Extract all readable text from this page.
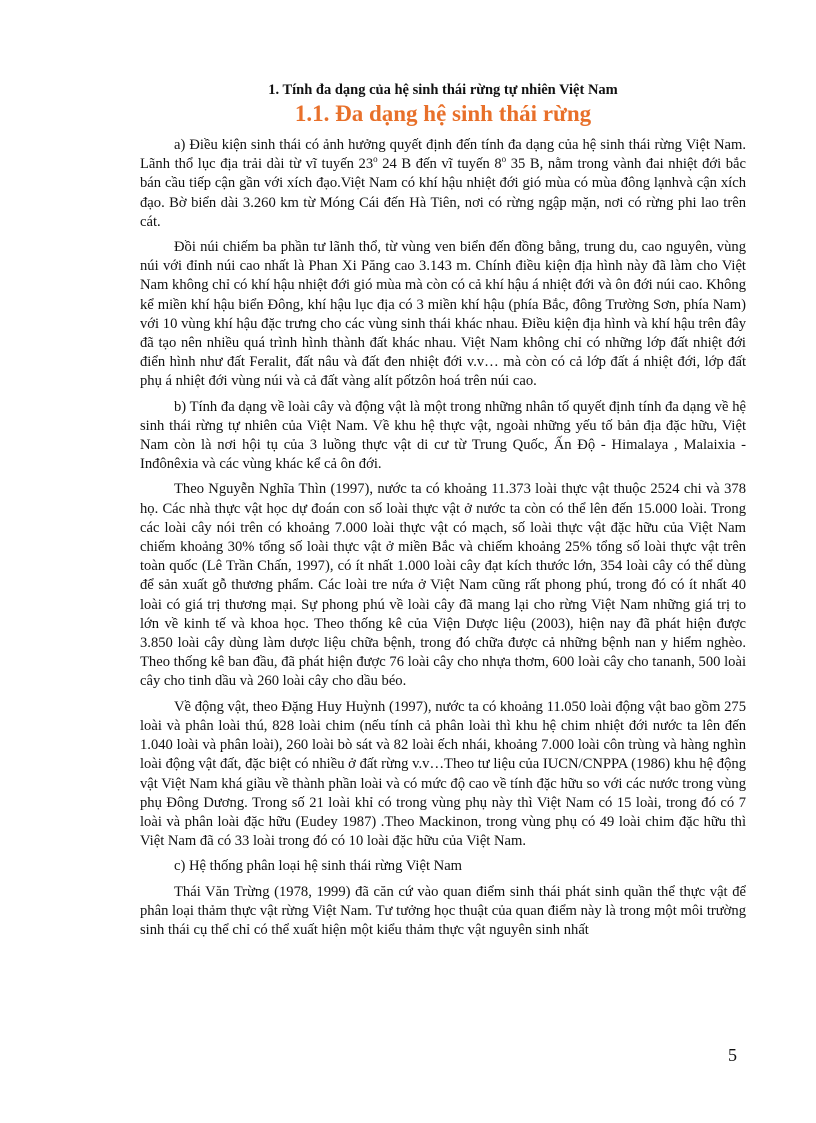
1. Tính đa dạng của hệ sinh thái rừng tự nhiên Việt Nam
1.1. Đa dạng hệ sinh thái rừng

a) Điều kiện sinh thái có ảnh hưởng quyết định đến tính đa dạng của hệ sinh thái rừng Việt Nam. Lãnh thổ lục địa trải dài từ vĩ tuyến 23$^o$ 24 B đến vĩ tuyến 8$^o$ 35 B, nằm trong vành đai nhiệt đới bắc bán cầu tiếp cận gần với xích đạo.Việt Nam có khí hậu nhiệt đới gió mùa có mùa đông lạnhvà cận xích đạo. Bờ biển dài 3.260 km từ Móng Cái đến Hà Tiên, nơi có rừng ngập mặn, nơi có rừng phi lao trên cát.

Đồi núi chiếm ba phần tư lãnh thổ, từ vùng ven biển đến đồng bằng, trung du, cao nguyên, vùng núi với đỉnh núi cao nhất là Phan Xi Păng cao 3.143 m. Chính điều kiện địa hình này đã làm cho Việt Nam không chỉ có khí hậu nhiệt đới gió mùa mà còn có cả khí hậu á nhiệt đới và ôn đới núi cao. Không kể miền khí hậu biển Đông, khí hậu lục địa có 3 miền khí hậu (phía Bắc, đông Trường Sơn, phía Nam) với 10 vùng khí hậu đặc trưng cho các vùng sinh thái khác nhau. Điều kiện địa hình và khí hậu trên đây đã tạo nên nhiều quá trình hình thành đất khác nhau. Việt Nam không chỉ có những lớp đất nhiệt đới điển hình như đất Feralit, đất nâu và đất đen nhiệt đới v.v… mà còn có cả lớp đất á nhiệt đới, lớp đất phụ á nhiệt đới vùng núi và cả đất vàng alít pốtzôn hoá trên núi cao.

b) Tính đa dạng về loài cây và động vật là một trong những nhân tố quyết định tính đa dạng về hệ sinh thái rừng tự nhiên của Việt Nam. Về khu hệ thực vật, ngoài những yếu tố bản địa đặc hữu, Việt Nam còn là nơi hội tụ của 3 luồng thực vật di cư từ Trung Quốc, Ấn Độ - Himalaya , Malaixia - Inđônêxia và các vùng khác kể cả ôn đới.

Theo Nguyễn Nghĩa Thìn (1997), nước ta có khoảng 11.373 loài thực vật thuộc 2524 chi và 378 họ. Các nhà thực vật học dự đoán con số loài thực vật ở nước ta còn có thể lên đến 15.000 loài. Trong các loài cây nói trên có khoảng 7.000 loài thực vật có mạch, số loài thực vật đặc hữu của Việt Nam chiếm khoảng 30% tổng số loài thực vật ở miền Bắc và chiếm khoảng 25% tổng số loài thực vật trên toàn quốc (Lê Trần Chấn, 1997), có ít nhất 1.000 loài cây đạt kích thước lớn, 354 loài cây có thể dùng để sản xuất gỗ thương phẩm. Các loài tre nứa ở Việt Nam cũng rất phong phú, trong đó có ít nhất 40 loài có giá trị thương mại. Sự phong phú về loài cây đã mang lại cho rừng Việt Nam những giá trị to lớn về kinh tế và khoa học. Theo thống kê của Viện Dược liệu (2003), hiện nay đã phát hiện được 3.850 loài cây dùng làm dược liệu chữa bệnh, trong đó chữa được cả những bệnh nan y hiểm nghèo. Theo thống kê ban đầu, đã phát hiện được 76 loài cây cho nhựa thơm, 600 loài cây cho tananh, 500 loài cây cho tinh dầu và 260 loài cây cho dầu béo.

Về động vật, theo Đặng Huy Huỳnh (1997), nước ta có khoảng 11.050 loài động vật bao gồm 275 loài và phân loài thú, 828 loài chim (nếu tính cả phân loài thì khu hệ chim nhiệt đới nước ta lên đến 1.040 loài và phân loài), 260 loài bò sát và 82 loài ếch nhái, khoảng 7.000 loài côn trùng và hàng nghìn loài động vật đất, đặc biệt có nhiều ở đất rừng v.v…Theo tư liệu của IUCN/CNPPA (1986) khu hệ động vật Việt Nam khá giầu về thành phần loài và có mức độ cao về tính đặc hữu so với các nước trong vùng phụ Đông Dương. Trong số 21 loài khỉ có trong vùng phụ này thì Việt Nam có 15 loài, trong đó có 7 loài và phân loài đặc hữu (Eudey 1987) .Theo Mackinon, trong vùng phụ có 49 loài chim đặc hữu thì Việt Nam đã có 33 loài trong đó có 10 loài đặc hữu của Việt Nam.

c) Hệ thống phân loại hệ sinh thái rừng Việt Nam

Thái Văn Trừng (1978, 1999) đã căn cứ vào quan điểm sinh thái phát sinh quần thể thực vật để phân loại thảm thực vật rừng Việt Nam. Tư tưởng học thuật của quan điểm này là trong một môi trường sinh thái cụ thể chỉ có thể xuất hiện một kiểu thảm thực vật nguyên sinh nhất

5
